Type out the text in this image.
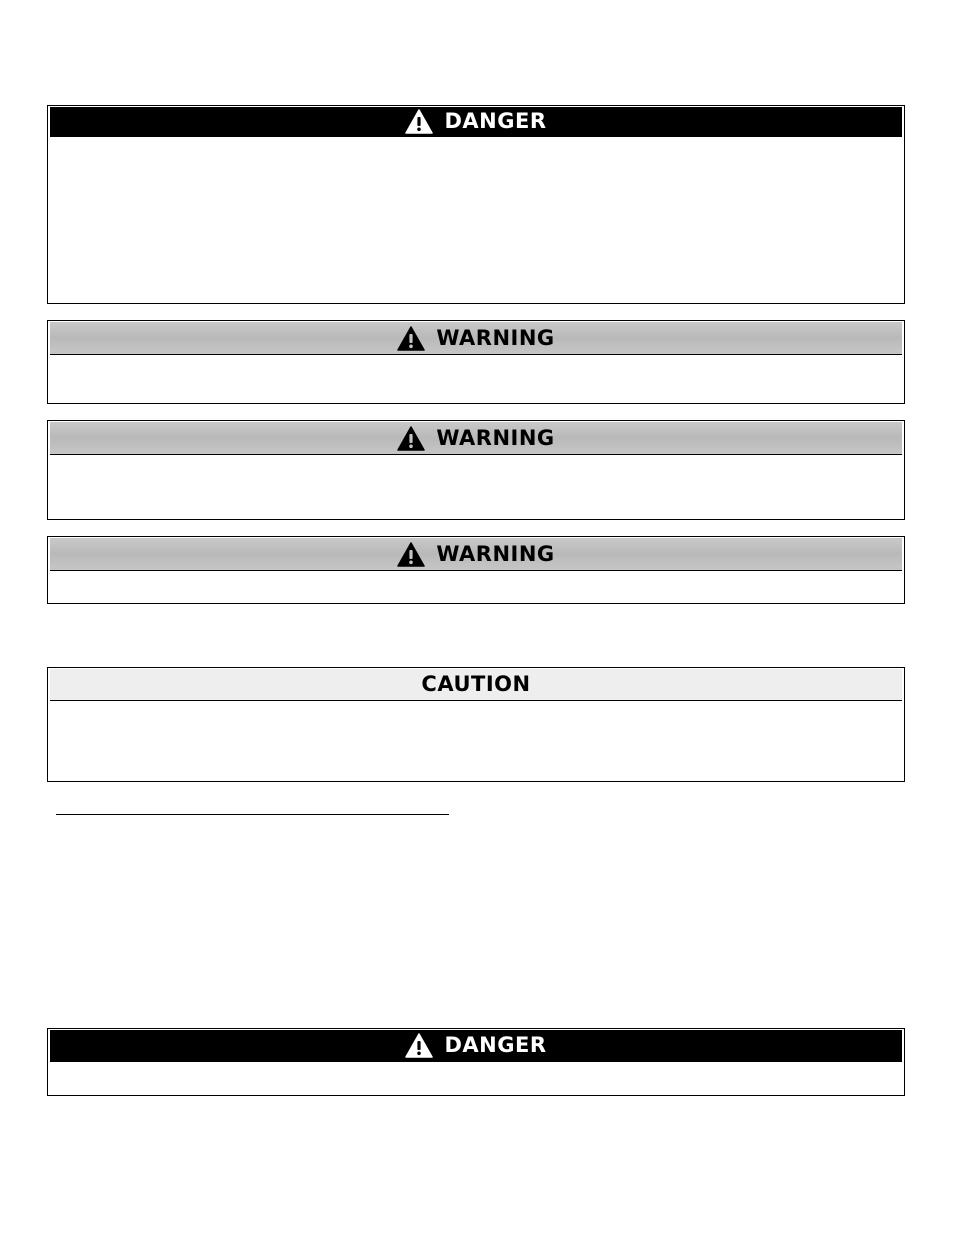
DANGER
WARNING
WARNING
WARNING
CAUTION
DANGER
